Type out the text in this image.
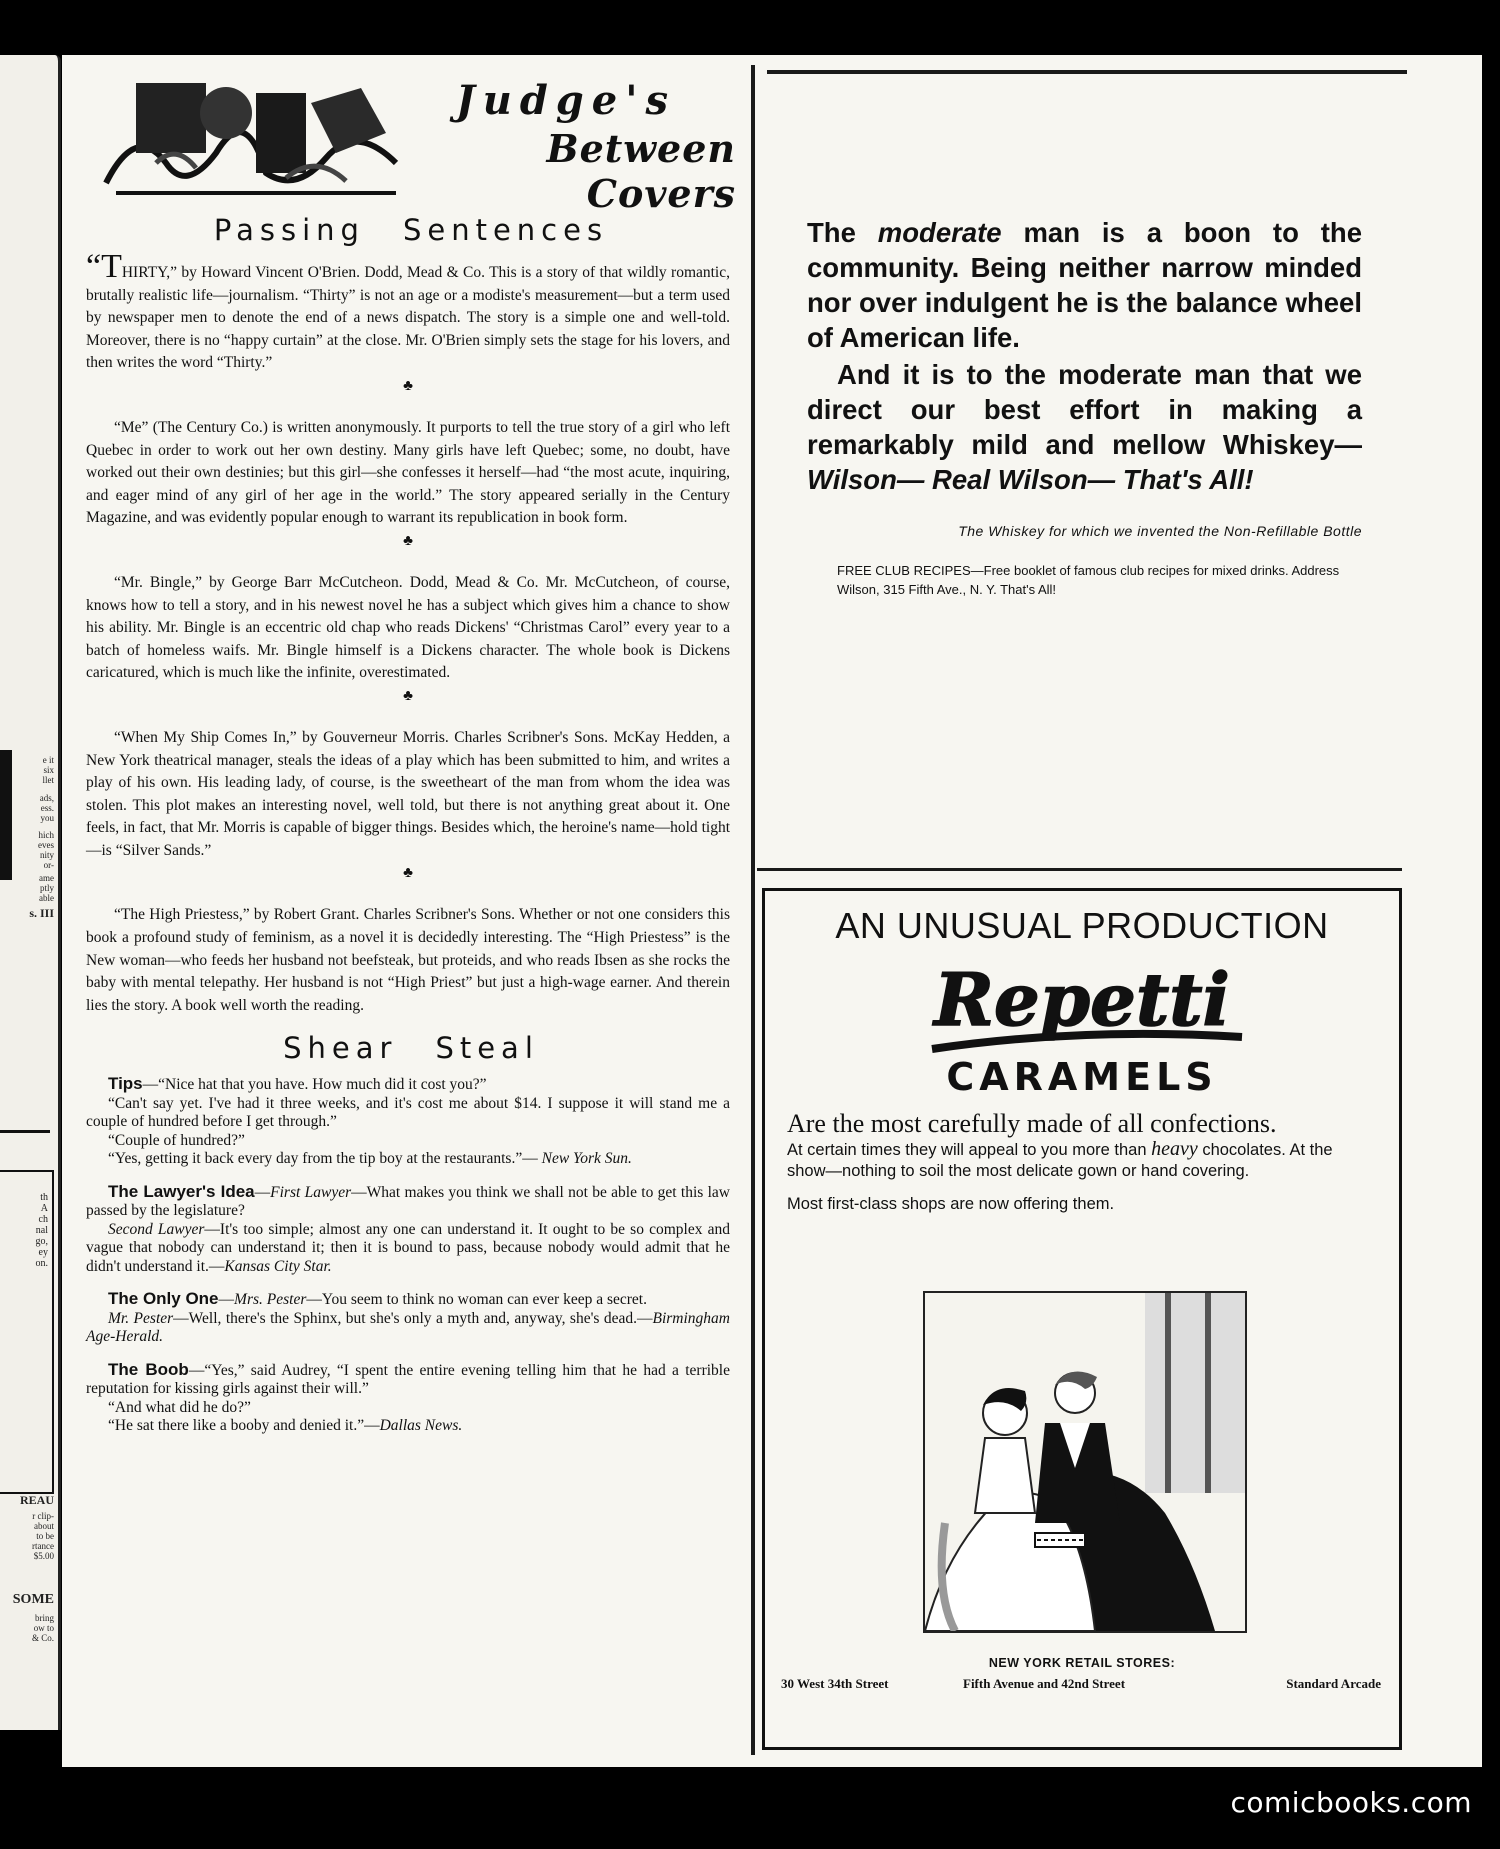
e it
six
llet
ads,
ess.
you
hich
eves
nity
or-
ame
ptly
able
s. III
th
A
ch
nal
go,
ey
on.
REAU
r clip-
about
to be
rtance
$5.00
SOME
bring
ow to
& Co.
Judge's
Between Covers
Passing Sentences

“THIRTY,” by Howard Vincent O'Brien. Dodd, Mead & Co. This is a story of that wildly romantic, brutally realistic life—journalism. “Thirty” is not an age or a modiste's measurement—but a term used by newspaper men to denote the end of a news dispatch. The story is a simple one and well-told. Moreover, there is no “happy curtain” at the close. Mr. O'Brien simply sets the stage for his lovers, and then writes the word “Thirty.”

♣

“Me” (The Century Co.) is written anonymously. It purports to tell the true story of a girl who left Quebec in order to work out her own destiny. Many girls have left Quebec; some, no doubt, have worked out their own destinies; but this girl—she confesses it herself—had “the most acute, inquiring, and eager mind of any girl of her age in the world.” The story appeared serially in the Century Magazine, and was evidently popular enough to warrant its republication in book form.

♣

“Mr. Bingle,” by George Barr McCutcheon. Dodd, Mead & Co. Mr. McCutcheon, of course, knows how to tell a story, and in his newest novel he has a subject which gives him a chance to show his ability. Mr. Bingle is an eccentric old chap who reads Dickens' “Christmas Carol” every year to a batch of homeless waifs. Mr. Bingle himself is a Dickens character. The whole book is Dickens caricatured, which is much like the infinite, overestimated.

♣

“When My Ship Comes In,” by Gouverneur Morris. Charles Scribner's Sons. McKay Hedden, a New York theatrical manager, steals the ideas of a play which has been submitted to him, and writes a play of his own. His leading lady, of course, is the sweetheart of the man from whom the idea was stolen. This plot makes an interesting novel, well told, but there is not anything great about it. One feels, in fact, that Mr. Morris is capable of bigger things. Besides which, the heroine's name—hold tight—is “Silver Sands.”

♣

“The High Priestess,” by Robert Grant. Charles Scribner's Sons. Whether or not one considers this book a profound study of feminism, as a novel it is decidedly interesting. The “High Priestess” is the New woman—who feeds her husband not beefsteak, but proteids, and who reads Ibsen as she rocks the baby with mental telepathy. Her husband is not “High Priest” but just a high-wage earner. And therein lies the story. A book well worth the reading.

Shear Steal

Tips—“Nice hat that you have. How much did it cost you?”

“Can't say yet. I've had it three weeks, and it's cost me about $14. I suppose it will stand me a couple of hundred before I get through.”

“Couple of hundred?”

“Yes, getting it back every day from the tip boy at the restaurants.”— New York Sun.

The Lawyer's Idea—First Lawyer—What makes you think we shall not be able to get this law passed by the legislature?

Second Lawyer—It's too simple; almost any one can understand it. It ought to be so complex and vague that nobody can understand it; then it is bound to pass, because nobody would admit that he didn't understand it.—Kansas City Star.

The Only One—Mrs. Pester—You seem to think no woman can ever keep a secret.

Mr. Pester—Well, there's the Sphinx, but she's only a myth and, anyway, she's dead.—Birmingham Age-Herald.

The Boob—“Yes,” said Audrey, “I spent the entire evening telling him that he had a terrible reputation for kissing girls against their will.”

“And what did he do?”

“He sat there like a booby and denied it.”—Dallas News.

The moderate man is a boon to the community. Being neither narrow minded nor over indulgent he is the balance wheel of American life.

And it is to the moderate man that we direct our best effort in making a remarkably mild and mellow Whiskey— Wilson— Real Wilson— That's All!

The Whiskey for which we invented the Non-Refillable Bottle
FREE CLUB RECIPES—Free booklet of famous club recipes for mixed drinks. Address Wilson, 315 Fifth Ave., N. Y. That's All!
AN UNUSUAL PRODUCTION
Repetti
CARAMELS
Are the most carefully made of all confections.
At certain times they will appeal to you more than heavy chocolates. At the show—nothing to soil the most delicate gown or hand covering.
Most first-class shops are now offering them.
NEW YORK RETAIL STORES:
30 West 34th Street	Fifth Avenue and 42nd Street	Standard Arcade
comicbooks.com
